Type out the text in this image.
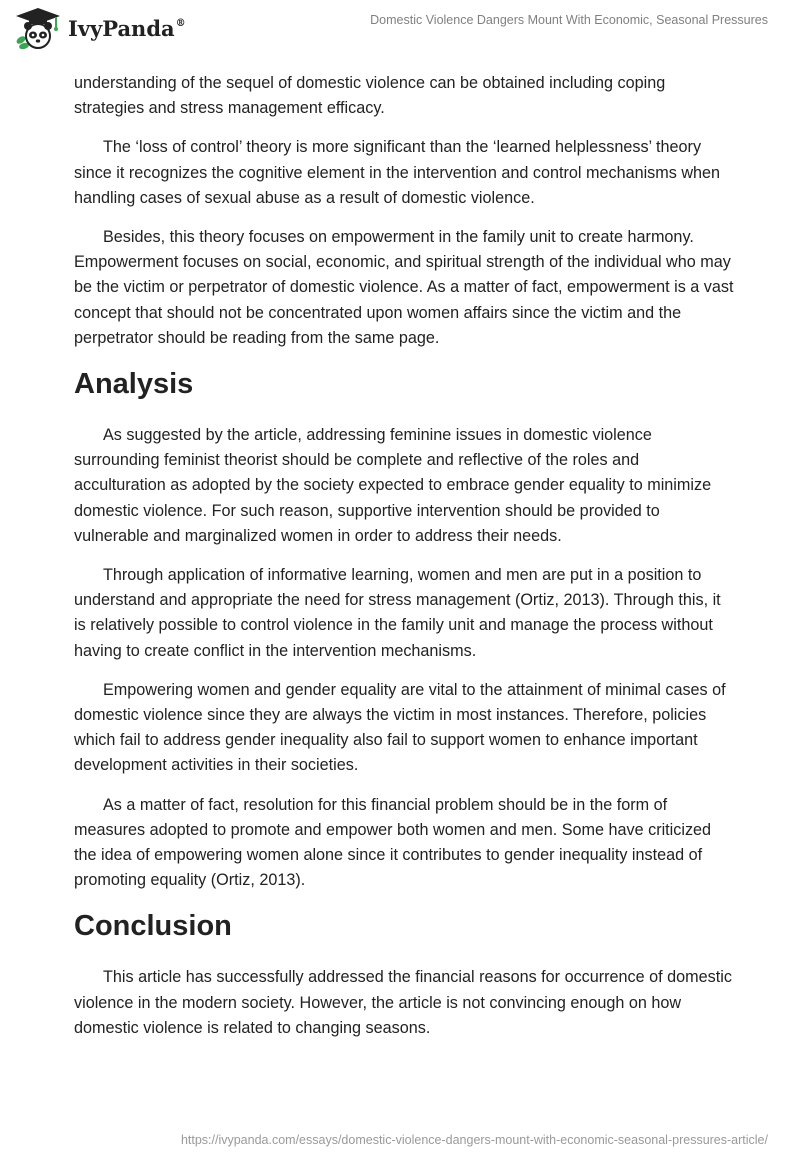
IvyPanda®	Domestic Violence Dangers Mount With Economic, Seasonal Pressures

understanding of the sequel of domestic violence can be obtained including coping strategies and stress management efficacy.

The ‘loss of control’ theory is more significant than the ‘learned helplessness’ theory since it recognizes the cognitive element in the intervention and control mechanisms when handling cases of sexual abuse as a result of domestic violence.

Besides, this theory focuses on empowerment in the family unit to create harmony. Empowerment focuses on social, economic, and spiritual strength of the individual who may be the victim or perpetrator of domestic violence. As a matter of fact, empowerment is a vast concept that should not be concentrated upon women affairs since the victim and the perpetrator should be reading from the same page.

Analysis

As suggested by the article, addressing feminine issues in domestic violence surrounding feminist theorist should be complete and reflective of the roles and acculturation as adopted by the society expected to embrace gender equality to minimize domestic violence. For such reason, supportive intervention should be provided to vulnerable and marginalized women in order to address their needs.

Through application of informative learning, women and men are put in a position to understand and appropriate the need for stress management (Ortiz, 2013). Through this, it is relatively possible to control violence in the family unit and manage the process without having to create conflict in the intervention mechanisms.

Empowering women and gender equality are vital to the attainment of minimal cases of domestic violence since they are always the victim in most instances. Therefore, policies which fail to address gender inequality also fail to support women to enhance important development activities in their societies.

As a matter of fact, resolution for this financial problem should be in the form of measures adopted to promote and empower both women and men. Some have criticized the idea of empowering women alone since it contributes to gender inequality instead of promoting equality (Ortiz, 2013).

Conclusion

This article has successfully addressed the financial reasons for occurrence of domestic violence in the modern society. However, the article is not convincing enough on how domestic violence is related to changing seasons.

https://ivypanda.com/essays/domestic-violence-dangers-mount-with-economic-seasonal-pressures-article/
